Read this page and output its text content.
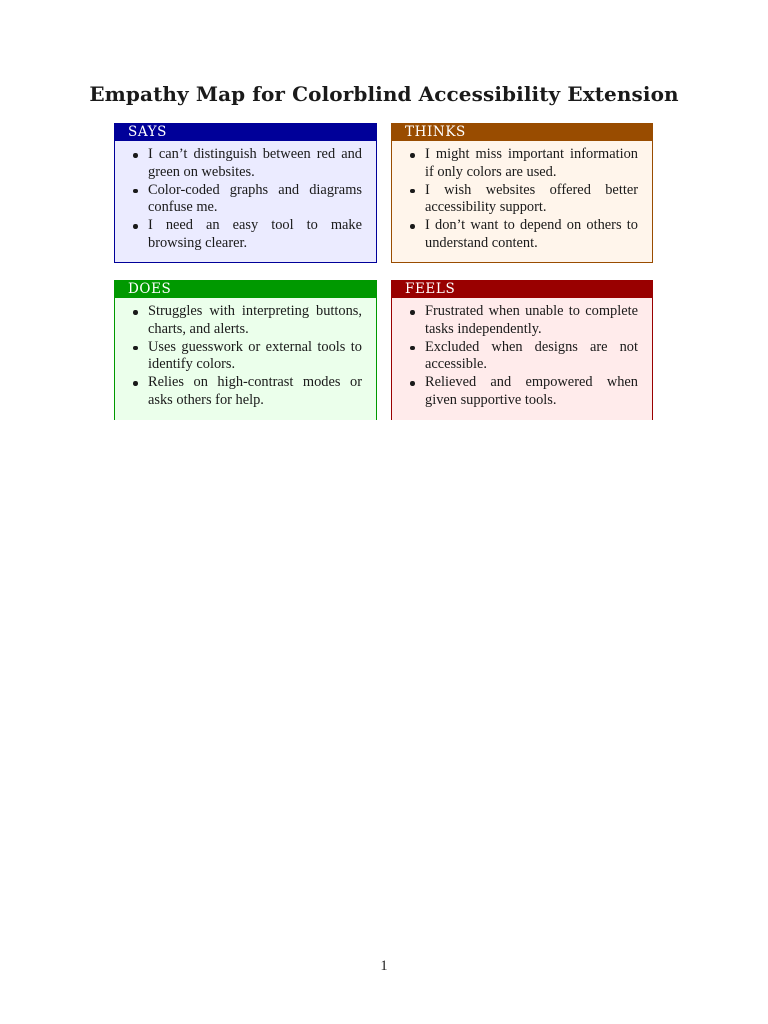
Empathy Map for Colorblind Accessibility Extension
SAYS
I can’t distinguish between red and green on websites.
Color-coded graphs and diagrams confuse me.
I need an easy tool to make browsing clearer.
THINKS
I might miss important information if only colors are used.
I wish websites offered better accessibility support.
I don’t want to depend on others to understand content.
DOES
Struggles with interpreting buttons, charts, and alerts.
Uses guesswork or external tools to identify colors.
Relies on high-contrast modes or asks others for help.
FEELS
Frustrated when unable to complete tasks independently.
Excluded when designs are not accessible.
Relieved and empowered when given supportive tools.
1
